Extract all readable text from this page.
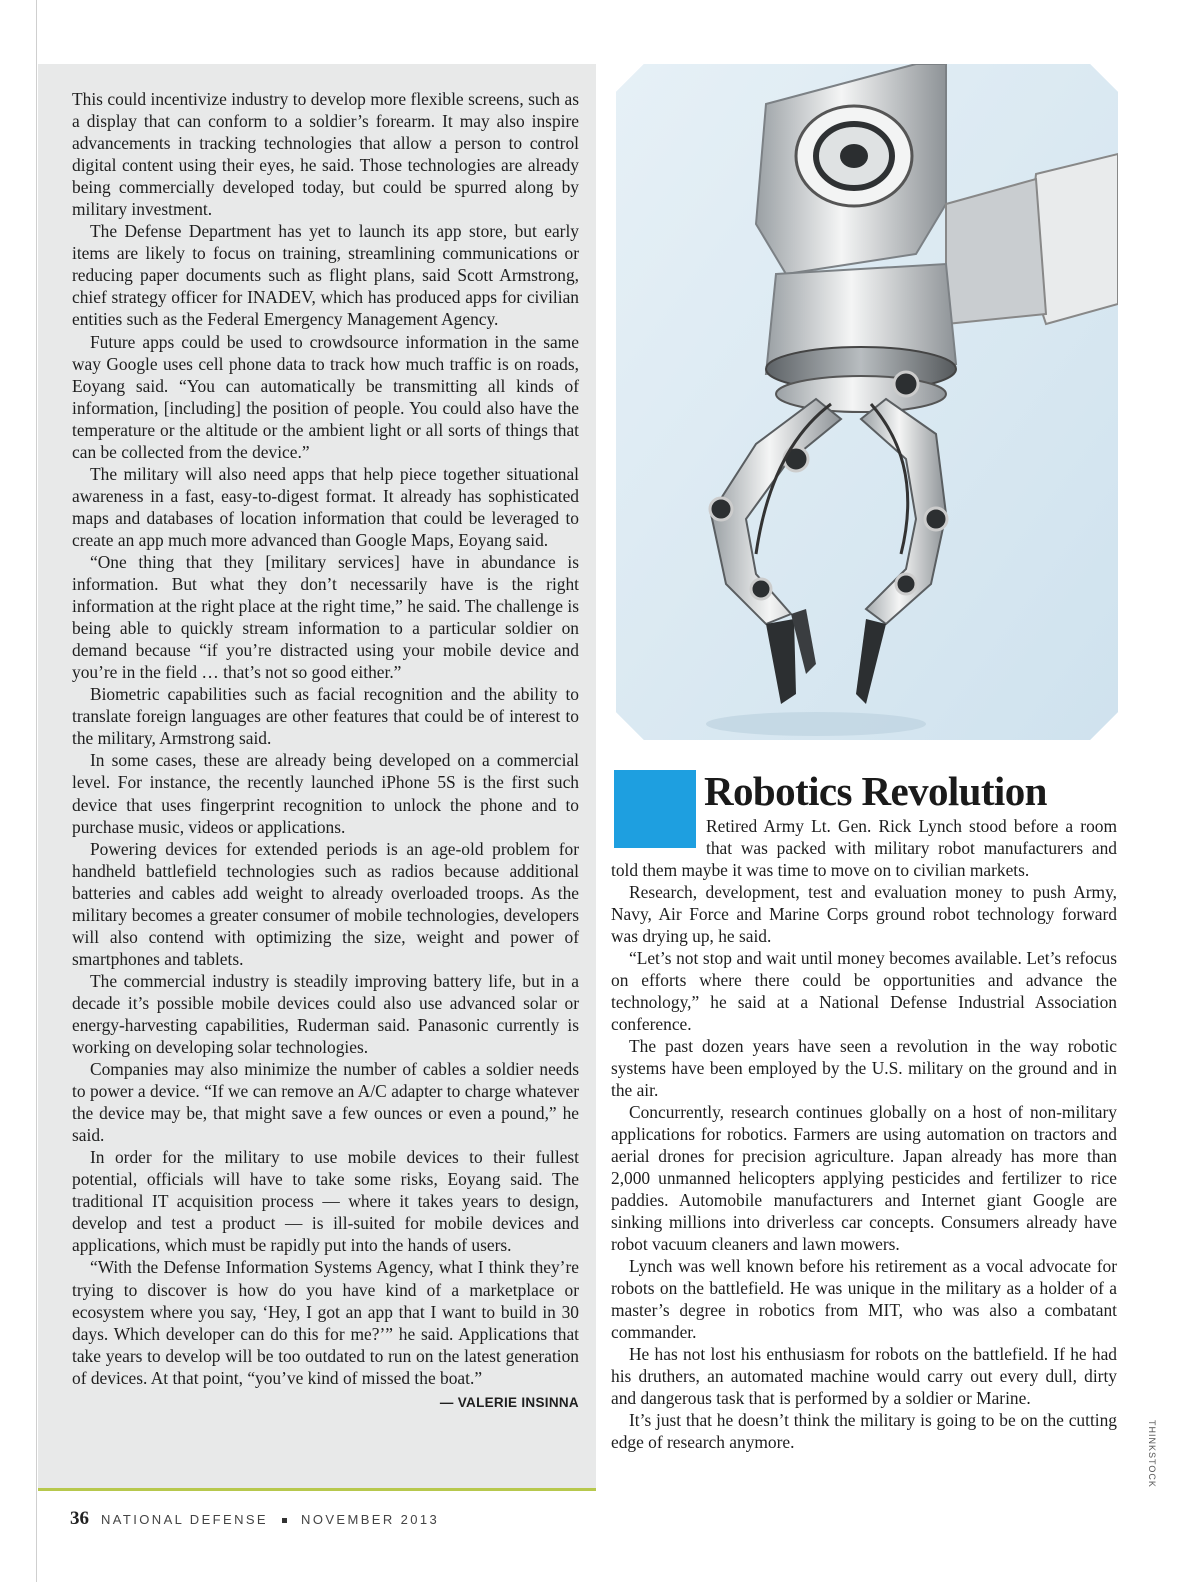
This could incentivize industry to develop more flexible screens, such as a display that can conform to a soldier’s forearm. It may also inspire advancements in tracking technologies that allow a person to control digital content using their eyes, he said. Those technologies are already being commercially developed today, but could be spurred along by military investment.

The Defense Department has yet to launch its app store, but early items are likely to focus on training, streamlining communications or reducing paper documents such as flight plans, said Scott Armstrong, chief strategy officer for INADEV, which has produced apps for civilian entities such as the Federal Emergency Management Agency.

Future apps could be used to crowdsource information in the same way Google uses cell phone data to track how much traffic is on roads, Eoyang said. “You can automatically be transmitting all kinds of information, [including] the position of people. You could also have the temperature or the altitude or the ambient light or all sorts of things that can be collected from the device.”

The military will also need apps that help piece together situational awareness in a fast, easy-to-digest format. It already has sophisticated maps and databases of location information that could be leveraged to create an app much more advanced than Google Maps, Eoyang said.

“One thing that they [military services] have in abundance is information. But what they don’t necessarily have is the right information at the right place at the right time,” he said. The challenge is being able to quickly stream information to a particular soldier on demand because “if you’re distracted using your mobile device and you’re in the field … that’s not so good either.”

Biometric capabilities such as facial recognition and the ability to translate foreign languages are other features that could be of interest to the military, Armstrong said.

In some cases, these are already being developed on a commercial level. For instance, the recently launched iPhone 5S is the first such device that uses fingerprint recognition to unlock the phone and to purchase music, videos or applications.

Powering devices for extended periods is an age-old problem for handheld battlefield technologies such as radios because additional batteries and cables add weight to already overloaded troops. As the military becomes a greater consumer of mobile technologies, developers will also contend with optimizing the size, weight and power of smartphones and tablets.

The commercial industry is steadily improving battery life, but in a decade it’s possible mobile devices could also use advanced solar or energy-harvesting capabilities, Ruderman said. Panasonic currently is working on developing solar technologies.

Companies may also minimize the number of cables a soldier needs to power a device. “If we can remove an A/C adapter to charge whatever the device may be, that might save a few ounces or even a pound,” he said.

In order for the military to use mobile devices to their fullest potential, officials will have to take some risks, Eoyang said. The traditional IT acquisition process — where it takes years to design, develop and test a product — is ill-suited for mobile devices and applications, which must be rapidly put into the hands of users.

“With the Defense Information Systems Agency, what I think they’re trying to discover is how do you have kind of a marketplace or ecosystem where you say, ‘Hey, I got an app that I want to build in 30 days. Which developer can do this for me?’” he said. Applications that take years to develop will be too outdated to run on the latest generation of devices. At that point, “you’ve kind of missed the boat.”
— VALERIE INSINNA

Robotics Revolution

Retired Army Lt. Gen. Rick Lynch stood before a room that was packed with military robot manufacturers and told them maybe it was time to move on to civilian markets.

Research, development, test and evaluation money to push Army, Navy, Air Force and Marine Corps ground robot technology forward was drying up, he said.

“Let’s not stop and wait until money becomes available. Let’s refocus on efforts where there could be opportunities and advance the technology,” he said at a National Defense Industrial Association conference.

The past dozen years have seen a revolution in the way robotic systems have been employed by the U.S. military on the ground and in the air.

Concurrently, research continues globally on a host of non-military applications for robotics. Farmers are using automation on tractors and aerial drones for precision agriculture. Japan already has more than 2,000 unmanned helicopters applying pesticides and fertilizer to rice paddies. Automobile manufacturers and Internet giant Google are sinking millions into driverless car concepts. Consumers already have robot vacuum cleaners and lawn mowers.

Lynch was well known before his retirement as a vocal advocate for robots on the battlefield. He was unique in the military as a holder of a master’s degree in robotics from MIT, who was also a combatant commander.

He has not lost his enthusiasm for robots on the battlefield. If he had his druthers, an automated machine would carry out every dull, dirty and dangerous task that is performed by a soldier or Marine.

It’s just that he doesn’t think the military is going to be on the cutting edge of research anymore.	THINKSTOCK
36 NATIONAL DEFENSE	NOVEMBER 2013
